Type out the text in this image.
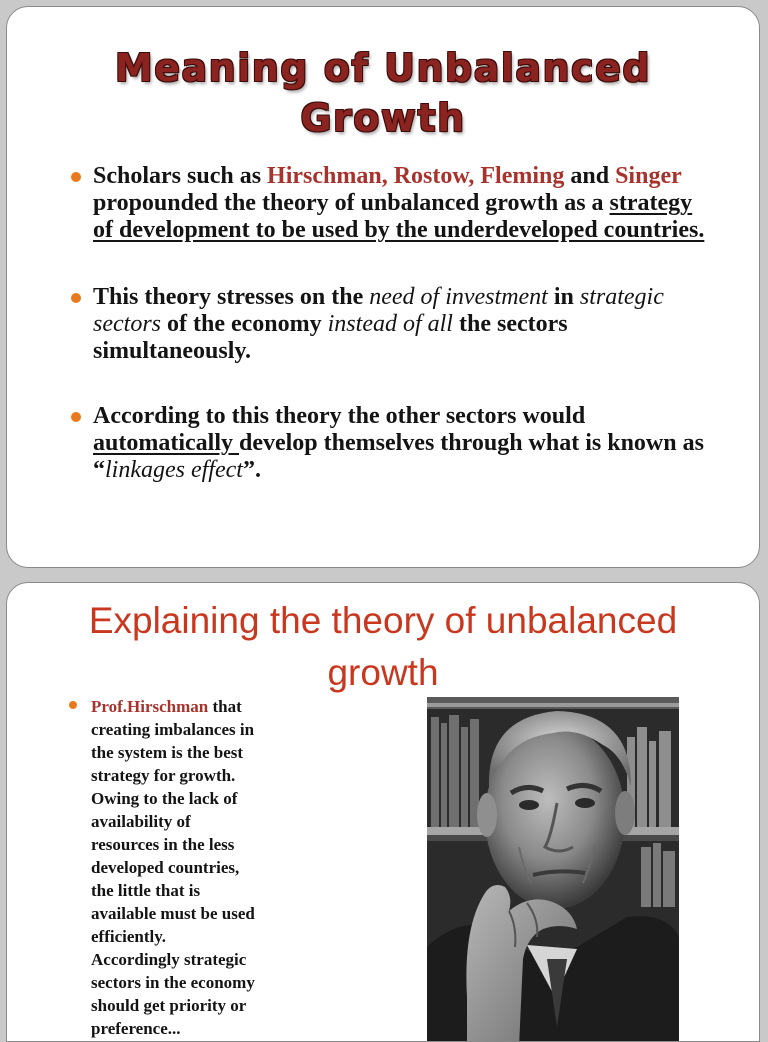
Meaning of Unbalanced
Growth
Scholars such as Hirschman, Rostow, Fleming and Singer propounded the theory of unbalanced growth as a strategy of development to be used by the underdeveloped countries.
This theory stresses on the need of investment in strategic sectors of the economy instead of all the sectors simultaneously.
According to this theory the other sectors would automatically develop themselves through what is known as “linkages effect”.
Explaining the theory of unbalanced
growth
Prof.Hirschman that
creating imbalances in
the system is the best
strategy for growth.
Owing to the lack of
availability of
resources in the less
developed countries,
the little that is
available must be used
efficiently.
Accordingly strategic
sectors in the economy
should get priority or
preference...
